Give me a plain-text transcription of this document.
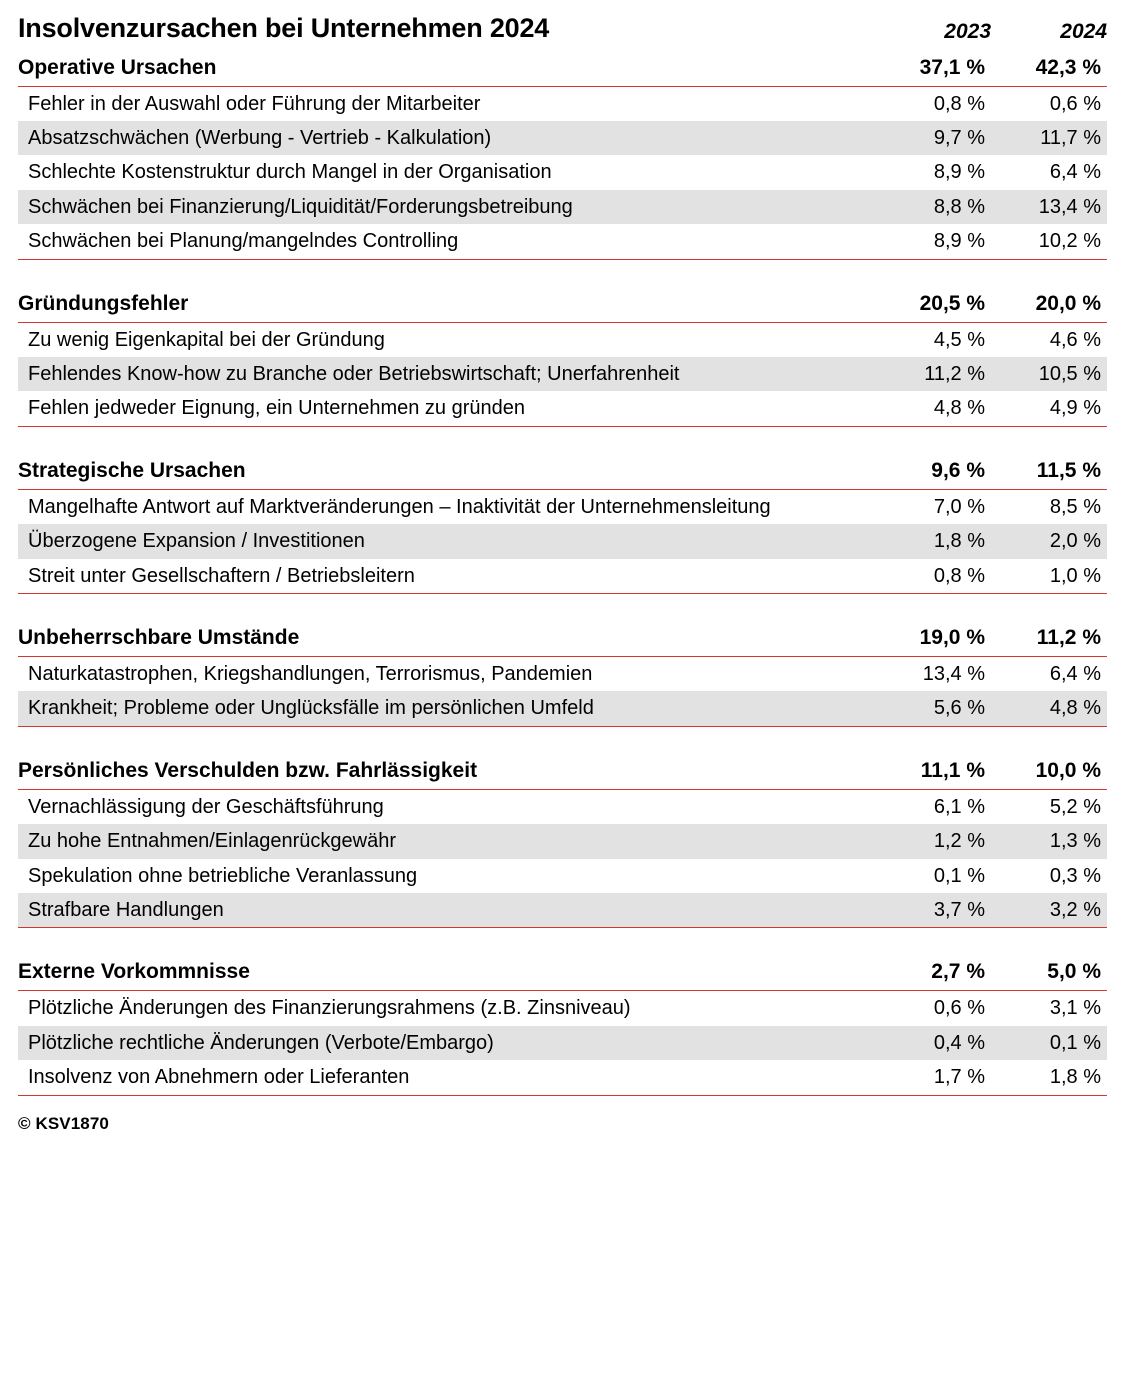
Insolvenzursachen bei Unternehmen 2024	2023	2024
Operative Ursachen	37,1 %	42,3 %
Fehler in der Auswahl oder Führung der Mitarbeiter	0,8 %	0,6 %
Absatzschwächen (Werbung - Vertrieb - Kalkulation)	9,7 %	11,7 %
Schlechte Kostenstruktur durch Mangel in der Organisation	8,9 %	6,4 %
Schwächen bei Finanzierung/Liquidität/Forderungsbetreibung	8,8 %	13,4 %
Schwächen bei Planung/mangelndes Controlling	8,9 %	10,2 %

Gründungsfehler	20,5 %	20,0 %
Zu wenig Eigenkapital bei der Gründung	4,5 %	4,6 %
Fehlendes Know-how zu Branche oder Betriebswirtschaft; Unerfahrenheit	11,2 %	10,5 %
Fehlen jedweder Eignung, ein Unternehmen zu gründen	4,8 %	4,9 %

Strategische Ursachen	9,6 %	11,5 %
Mangelhafte Antwort auf Marktveränderungen – Inaktivität der Unternehmensleitung	7,0 %	8,5 %
Überzogene Expansion / Investitionen	1,8 %	2,0 %
Streit unter Gesellschaftern / Betriebsleitern	0,8 %	1,0 %

Unbeherrschbare Umstände	19,0 %	11,2 %
Naturkatastrophen, Kriegshandlungen, Terrorismus, Pandemien	13,4 %	6,4 %
Krankheit; Probleme oder Unglücksfälle im persönlichen Umfeld	5,6 %	4,8 %

Persönliches Verschulden bzw. Fahrlässigkeit	11,1 %	10,0 %
Vernachlässigung der Geschäftsführung	6,1 %	5,2 %
Zu hohe Entnahmen/Einlagenrückgewähr	1,2 %	1,3 %
Spekulation ohne betriebliche Veranlassung	0,1 %	0,3 %
Strafbare Handlungen	3,7 %	3,2 %

Externe Vorkommnisse	2,7 %	5,0 %
Plötzliche Änderungen des Finanzierungsrahmens (z.B. Zinsniveau)	0,6 %	3,1 %
Plötzliche rechtliche Änderungen (Verbote/Embargo)	0,4 %	0,1 %
Insolvenz von Abnehmern oder Lieferanten	1,7 %	1,8 %
© KSV1870
